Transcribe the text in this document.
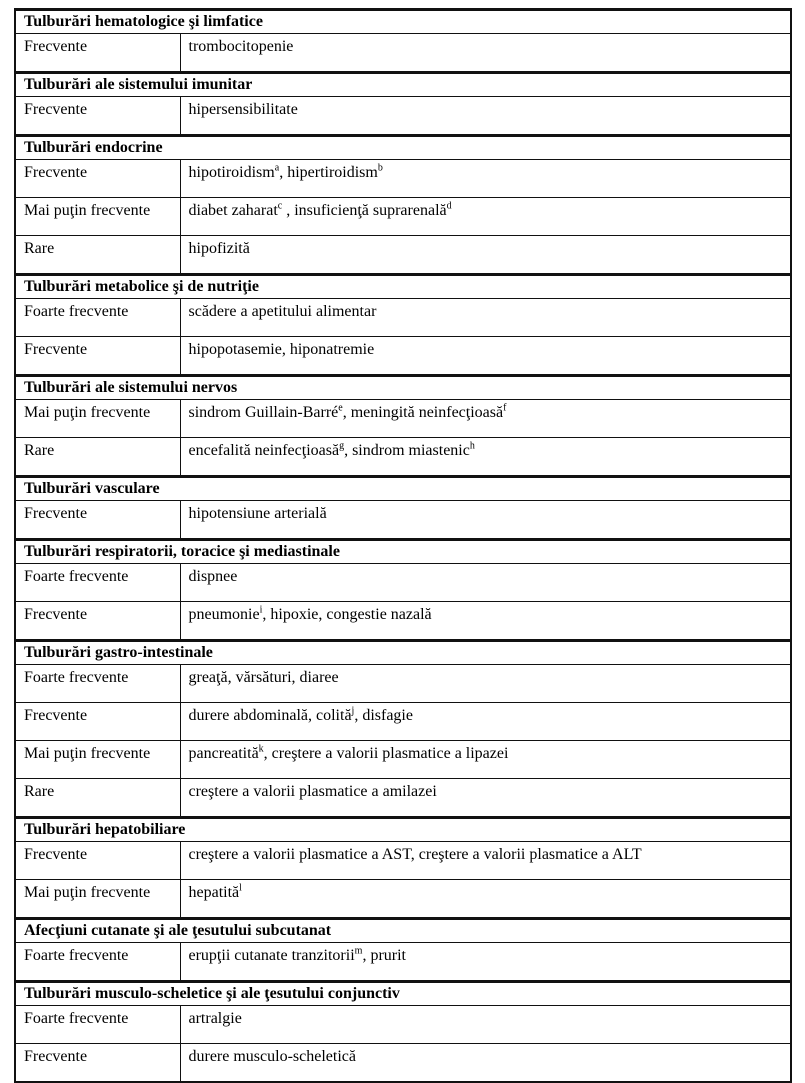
Tulburări hematologice şi limfatice	
Frecvente	trombocitopenie
Tulburări ale sistemului imunitar	
Frecvente	hipersensibilitate
Tulburări endocrine	
Frecvente	hipotiroidism$^a$, hipertiroidism$^b$
Mai puţin frecvente	diabet zaharat$^c$ , insuficienţă suprarenală$^d$
Rare	hipofizită
Tulburări metabolice şi de nutriţie	
Foarte frecvente	scădere a apetitului alimentar
Frecvente	hipopotasemie, hiponatremie
Tulburări ale sistemului nervos	
Mai puţin frecvente	sindrom Guillain-Barré$^e$, meningită neinfecţioasă$^f$
Rare	encefalită neinfecţioasă$^g$, sindrom miastenic$^h$
Tulburări vasculare	
Frecvente	hipotensiune arterială
Tulburări respiratorii, toracice şi mediastinale	
Foarte frecvente	dispnee
Frecvente	pneumonie$^i$, hipoxie, congestie nazală
Tulburări gastro-intestinale	
Foarte frecvente	greaţă, vărsături, diaree
Frecvente	durere abdominală, colită$^j$, disfagie
Mai puţin frecvente	pancreatită$^k$, creştere a valorii plasmatice a lipazei
Rare	creştere a valorii plasmatice a amilazei
Tulburări hepatobiliare	
Frecvente	creştere a valorii plasmatice a AST, creştere a valorii plasmatice a ALT
Mai puţin frecvente	hepatită$^l$
Afecţiuni cutanate şi ale ţesutului subcutanat	
Foarte frecvente	erupţii cutanate tranzitorii$^m$, prurit
Tulburări musculo-scheletice şi ale ţesutului conjunctiv	
Foarte frecvente	artralgie
Frecvente	durere musculo-scheletică
